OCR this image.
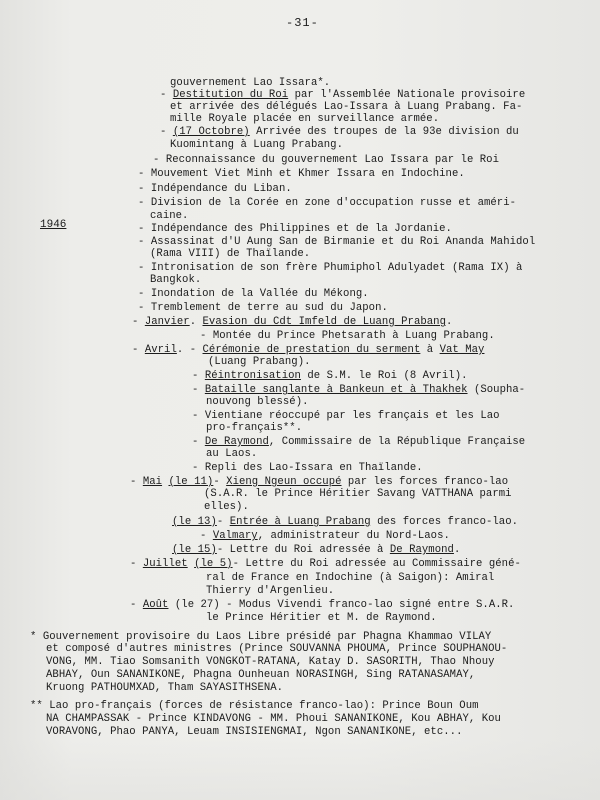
-31-
1946
gouvernement Lao Issara*.
- Destitution du Roi par l'Assemblée Nationale provisoire
et arrivée des délégués Lao-Issara à Luang Prabang. Fa-
mille Royale placée en surveillance armée.
- (17 Octobre) Arrivée des troupes de la 93e division du
Kuomintang à Luang Prabang.
- Reconnaissance du gouvernement Lao Issara par le Roi
- Mouvement Viet Minh et Khmer Issara en Indochine.
- Indépendance du Liban.
- Division de la Corée en zone d'occupation russe et améri-
caine.
- Indépendance des Philippines et de la Jordanie.
- Assassinat d'U Aung San de Birmanie et du Roi Ananda Mahidol
(Rama VIII) de Thaïlande.
- Intronisation de son frère Phumiphol Adulyadet (Rama IX) à
Bangkok.
- Inondation de la Vallée du Mékong.
- Tremblement de terre au sud du Japon.
- Janvier. Evasion du Cdt Imfeld de Luang Prabang.
- Montée du Prince Phetsarath à Luang Prabang.
- Avril. - Cérémonie de prestation du serment à Vat May
(Luang Prabang).
- Réintronisation de S.M. le Roi (8 Avril).
- Bataille sanglante à Bankeun et à Thakhek (Soupha-
nouvong blessé).
- Vientiane réoccupé par les français et les Lao
pro-français**.
- De Raymond, Commissaire de la République Française
au Laos.
- Repli des Lao-Issara en Thaïlande.
- Mai (le 11)- Xieng Ngeun occupé par les forces franco-lao
(S.A.R. le Prince Héritier Savang VATTHANA parmi
elles).
(le 13)- Entrée à Luang Prabang des forces franco-lao.
- Valmary, administrateur du Nord-Laos.
(le 15)- Lettre du Roi adressée à De Raymond.
- Juillet (le 5)- Lettre du Roi adressée au Commissaire géné-
ral de France en Indochine (à Saigon): Amiral
Thierry d'Argenlieu.
- Août (le 27) - Modus Vivendi franco-lao signé entre S.A.R.
le Prince Héritier et M. de Raymond.
* Gouvernement provisoire du Laos Libre présidé par Phagna Khammao VILAY
et composé d'autres ministres (Prince SOUVANNA PHOUMA, Prince SOUPHANOU-
VONG, MM. Tiao Somsanith VONGKOT-RATANA, Katay D. SASORITH, Thao Nhouy
ABHAY, Oun SANANIKONE, Phagna Ounheuan NORASINGH, Sing RATANASAMAY,
Kruong PATHOUMXAD, Tham SAYASITHSENA.
** Lao pro-français (forces de résistance franco-lao): Prince Boun Oum
NA CHAMPASSAK - Prince KINDAVONG - MM. Phoui SANANIKONE, Kou ABHAY, Kou
VORAVONG, Phao PANYA, Leuam INSISIENGMAI, Ngon SANANIKONE, etc...
